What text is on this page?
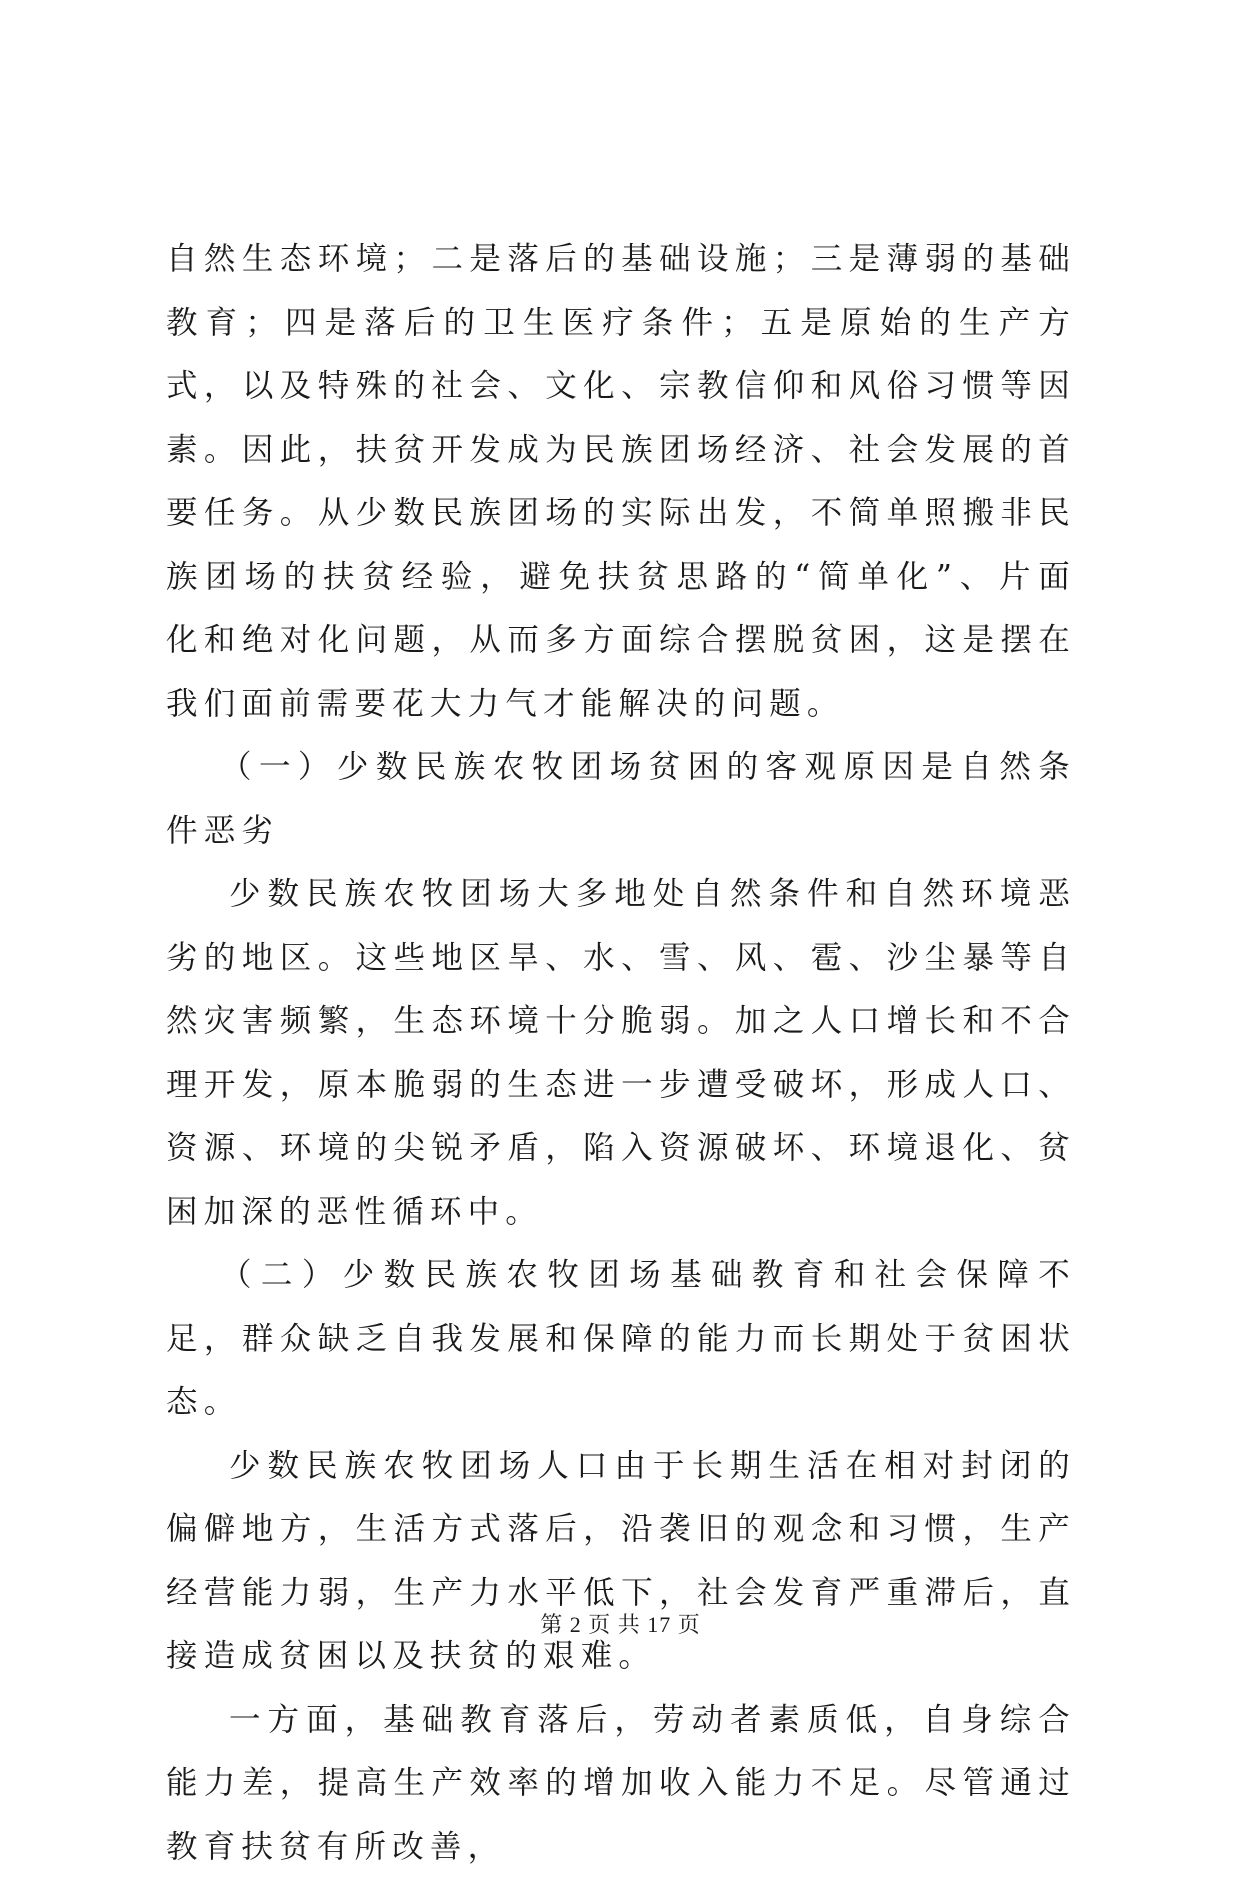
自然生态环境；二是落后的基础设施；三是薄弱的基础教育；四是落后的卫生医疗条件；五是原始的生产方式，以及特殊的社会、文化、宗教信仰和风俗习惯等因素。因此，扶贫开发成为民族团场经济、社会发展的首要任务。从少数民族团场的实际出发，不简单照搬非民族团场的扶贫经验，避免扶贫思路的“简单化”、片面化和绝对化问题，从而多方面综合摆脱贫困，这是摆在我们面前需要花大力气才能解决的问题。

（一）少数民族农牧团场贫困的客观原因是自然条件恶劣

少数民族农牧团场大多地处自然条件和自然环境恶劣的地区。这些地区旱、水、雪、风、雹、沙尘暴等自然灾害频繁，生态环境十分脆弱。加之人口增长和不合理开发，原本脆弱的生态进一步遭受破坏，形成人口、资源、环境的尖锐矛盾，陷入资源破坏、环境退化、贫困加深的恶性循环中。

（二）少数民族农牧团场基础教育和社会保障不足，群众缺乏自我发展和保障的能力而长期处于贫困状态。

少数民族农牧团场人口由于长期生活在相对封闭的偏僻地方，生活方式落后，沿袭旧的观念和习惯，生产经营能力弱，生产力水平低下，社会发育严重滞后，直接造成贫困以及扶贫的艰难。

一方面，基础教育落后，劳动者素质低，自身综合能力差，提高生产效率的增加收入能力不足。尽管通过教育扶贫有所改善，

第 2 页 共 17 页
